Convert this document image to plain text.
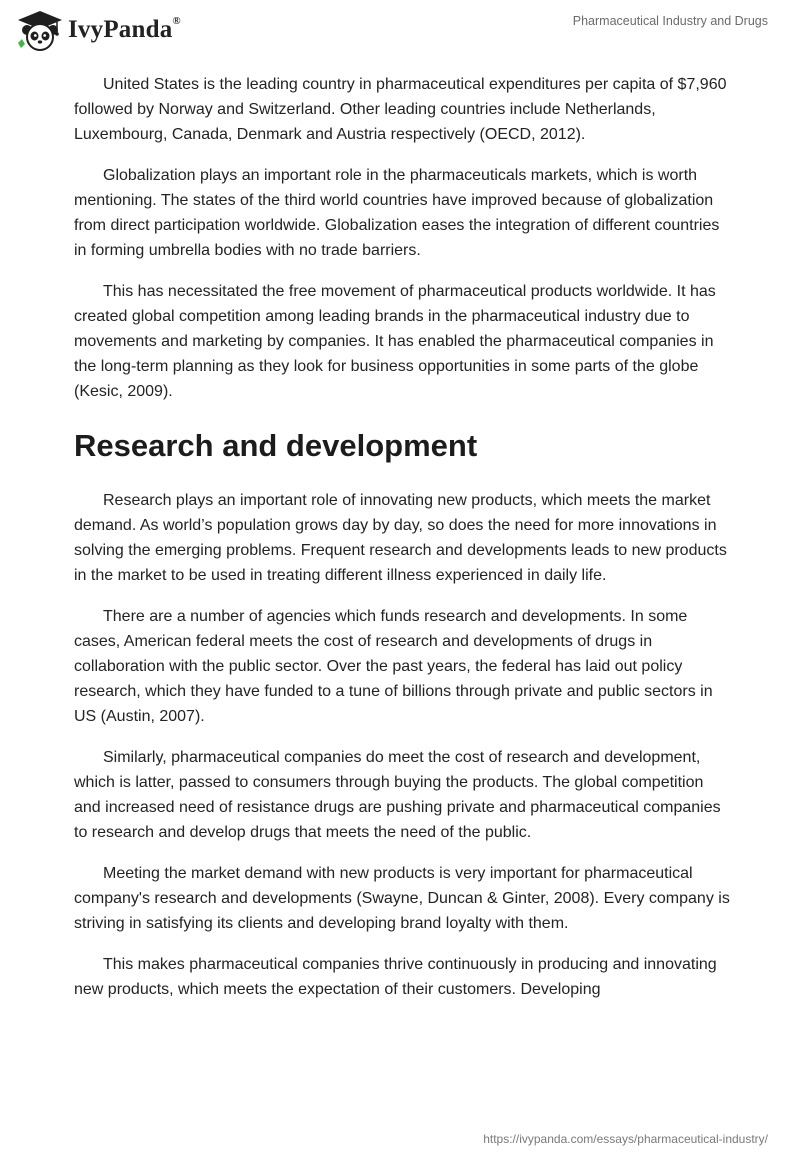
IvyPanda®	Pharmaceutical Industry and Drugs

United States is the leading country in pharmaceutical expenditures per capita of $7,960 followed by Norway and Switzerland. Other leading countries include Netherlands, Luxembourg, Canada, Denmark and Austria respectively (OECD, 2012).

Globalization plays an important role in the pharmaceuticals markets, which is worth mentioning. The states of the third world countries have improved because of globalization from direct participation worldwide. Globalization eases the integration of different countries in forming umbrella bodies with no trade barriers.

This has necessitated the free movement of pharmaceutical products worldwide. It has created global competition among leading brands in the pharmaceutical industry due to movements and marketing by companies. It has enabled the pharmaceutical companies in the long-term planning as they look for business opportunities in some parts of the globe (Kesic, 2009).

Research and development

Research plays an important role of innovating new products, which meets the market demand. As world’s population grows day by day, so does the need for more innovations in solving the emerging problems. Frequent research and developments leads to new products in the market to be used in treating different illness experienced in daily life.

There are a number of agencies which funds research and developments. In some cases, American federal meets the cost of research and developments of drugs in collaboration with the public sector. Over the past years, the federal has laid out policy research, which they have funded to a tune of billions through private and public sectors in US (Austin, 2007).

Similarly, pharmaceutical companies do meet the cost of research and development, which is latter, passed to consumers through buying the products. The global competition and increased need of resistance drugs are pushing private and pharmaceutical companies to research and develop drugs that meets the need of the public.

Meeting the market demand with new products is very important for pharmaceutical company's research and developments (Swayne, Duncan & Ginter, 2008). Every company is striving in satisfying its clients and developing brand loyalty with them.

This makes pharmaceutical companies thrive continuously in producing and innovating new products, which meets the expectation of their customers. Developing

https://ivypanda.com/essays/pharmaceutical-industry/
